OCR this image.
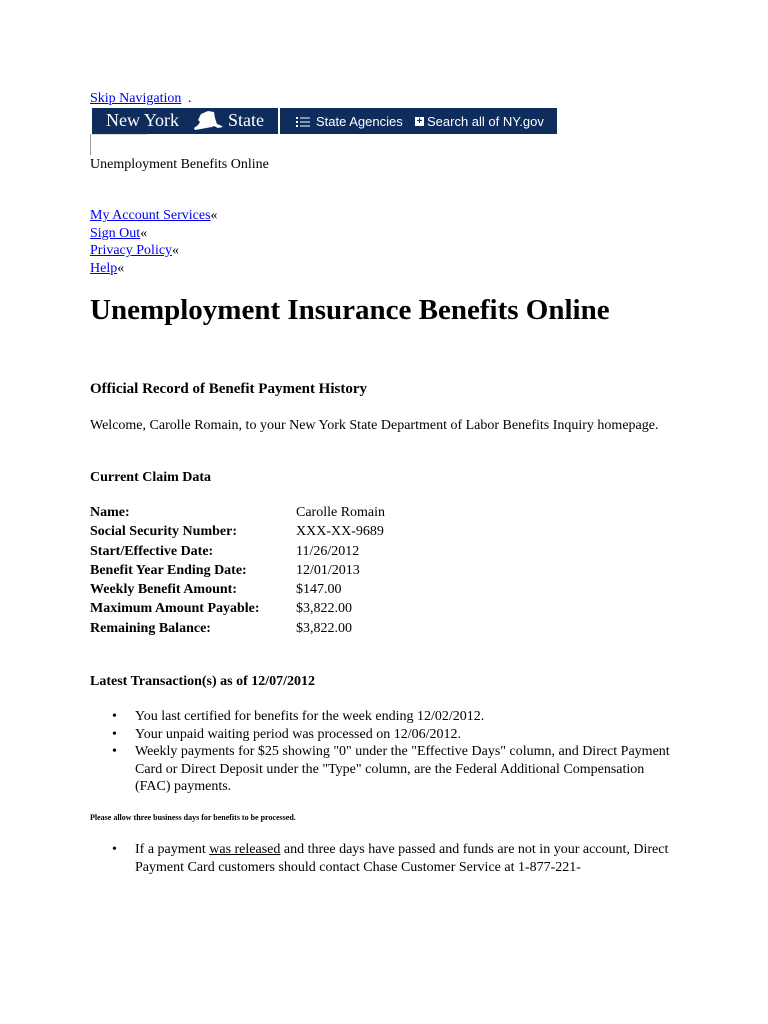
Skip Navigation .
New York	State	State Agencies + Search all of NY.gov
Unemployment Benefits Online
My Account Services«
Sign Out«
Privacy Policy«
Help«
Unemployment Insurance Benefits Online
Official Record of Benefit Payment History

Welcome, Carolle Romain, to your New York State Department of Labor Benefits Inquiry homepage.

Current Claim Data
Name:	Carolle Romain
Social Security Number:	XXX-XX-9689
Start/Effective Date:	11/26/2012
Benefit Year Ending Date:	12/01/2013
Weekly Benefit Amount:	$147.00
Maximum Amount Payable:	$3,822.00
Remaining Balance:	$3,822.00
Latest Transaction(s) as of 12/07/2012
• You last certified for benefits for the week ending 12/02/2012.
• Your unpaid waiting period was processed on 12/06/2012.
• Weekly payments for $25 showing "0" under the "Effective Days" column, and Direct Payment Card or Direct Deposit under the "Type" column, are the Federal Additional Compensation (FAC) payments.
Please allow three business days for benefits to be processed.
• If a payment was released and three days have passed and funds are not in your account, Direct Payment Card customers should contact Chase Customer Service at 1-877-221-
